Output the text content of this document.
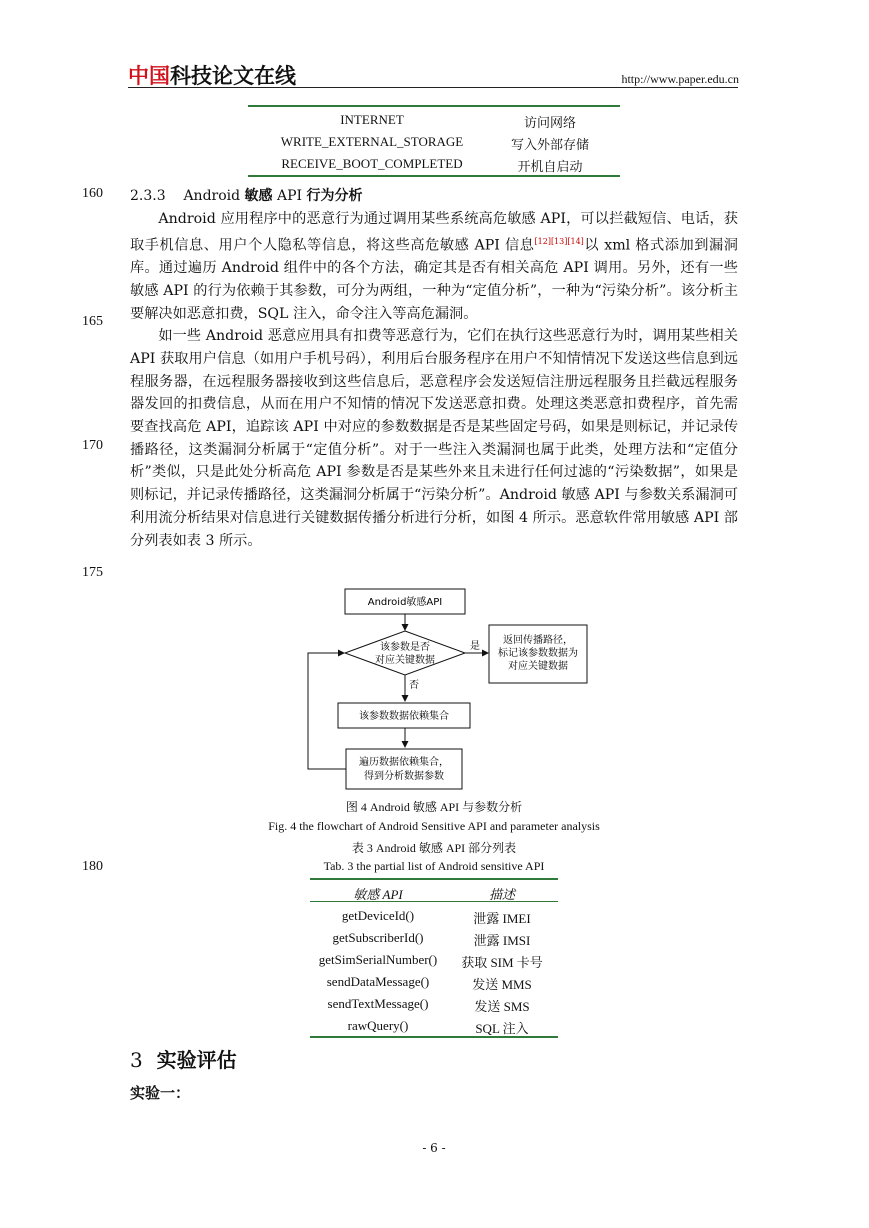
中国科技论文在线	http://www.paper.edu.cn
INTERNET	访问网络
WRITE_EXTERNAL_STORAGE	写入外部存储
RECEIVE_BOOT_COMPLETED	开机自启动
160
165
170
175
180
2.3.3 Android 敏感 API 行为分析

Android 应用程序中的恶意行为通过调用某些系统高危敏感 API，可以拦截短信、电话，获取手机信息、用户个人隐私等信息，将这些高危敏感 API 信息[12][13][14]以 xml 格式添加到漏洞库。通过遍历 Android 组件中的各个方法，确定其是否有相关高危 API 调用。另外，还有一些敏感 API 的行为依赖于其参数，可分为两组，一种为“定值分析”，一种为“污染分析”。该分析主要解决如恶意扣费，SQL 注入，命令注入等高危漏洞。

如一些 Android 恶意应用具有扣费等恶意行为，它们在执行这些恶意行为时，调用某些相关 API 获取用户信息（如用户手机号码），利用后台服务程序在用户不知情情况下发送这些信息到远程服务器，在远程服务器接收到这些信息后，恶意程序会发送短信注册远程服务且拦截远程服务器发回的扣费信息，从而在用户不知情的情况下发送恶意扣费。处理这类恶意扣费程序，首先需要查找高危 API，追踪该 API 中对应的参数数据是否是某些固定号码，如果是则标记，并记录传播路径，这类漏洞分析属于“定值分析”。对于一些注入类漏洞也属于此类，处理方法和“定值分析”类似，只是此处分析高危 API 参数是否是某些外来且未进行任何过滤的“污染数据”，如果是则标记，并记录传播路径，这类漏洞分析属于“污染分析”。Android 敏感 API 与参数关系漏洞可利用流分析结果对信息进行关键数据传播分析进行分析，如图 4 所示。恶意软件常用敏感 API 部分列表如表 3 所示。

Android敏感API
该参数是否
对应关键数据
是
返回传播路径，
标记该参数数据为
对应关键数据
否
该参数数据依赖集合
遍历数据依赖集合，
得到分析数据参数
图 4 Android 敏感 API 与参数分析
Fig. 4 the flowchart of Android Sensitive API and parameter analysis
表 3 Android 敏感 API 部分列表
Tab. 3 the partial list of Android sensitive API
敏感 API	描述
getDeviceId()	泄露 IMEI
getSubscriberId()	泄露 IMSI
getSimSerialNumber()	获取 SIM 卡号
sendDataMessage()	发送 MMS
sendTextMessage()	发送 SMS
rawQuery()	SQL 注入
3 实验评估
实验一：
- 6 -
